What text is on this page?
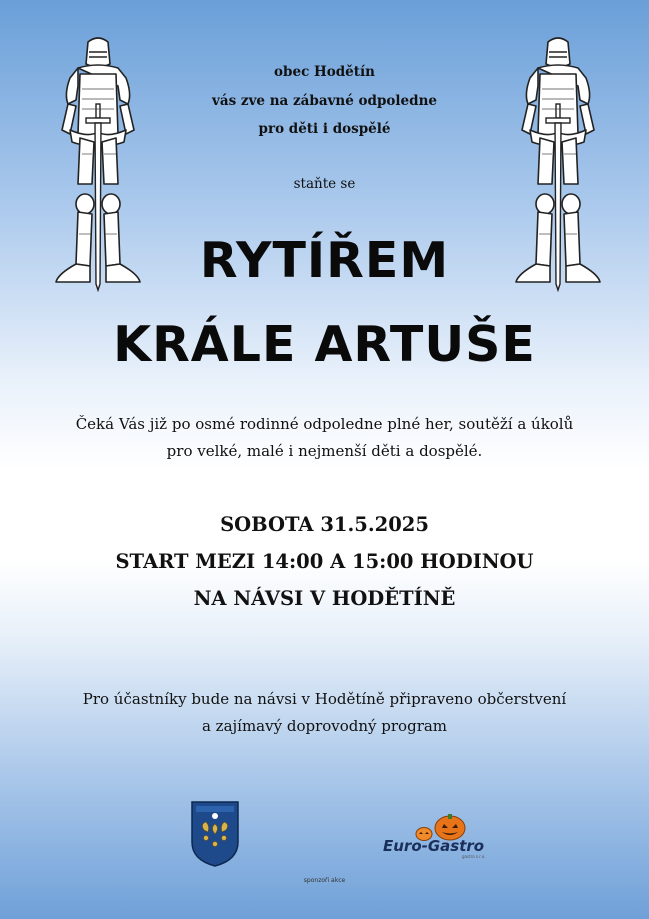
obec Hodětín
vás zve na zábavné odpoledne
pro děti i dospělé
staňte se
RYTÍŘEM
KRÁLE ARTUŠE
Čeká Vás již po osmé rodinné odpoledne plné her, soutěží a úkolů
pro velké, malé i nejmenší děti a dospělé.
SOBOTA 31.5.2025
START MEZI 14:00 A 15:00 HODINOU
NA NÁVSI V HODĚTÍNĚ
Pro účastníky bude na návsi v Hodětíně připraveno občerstvení
a zajímavý doprovodný program
Euro-Gastro
gastro s.r.o.
sponzoři akce
